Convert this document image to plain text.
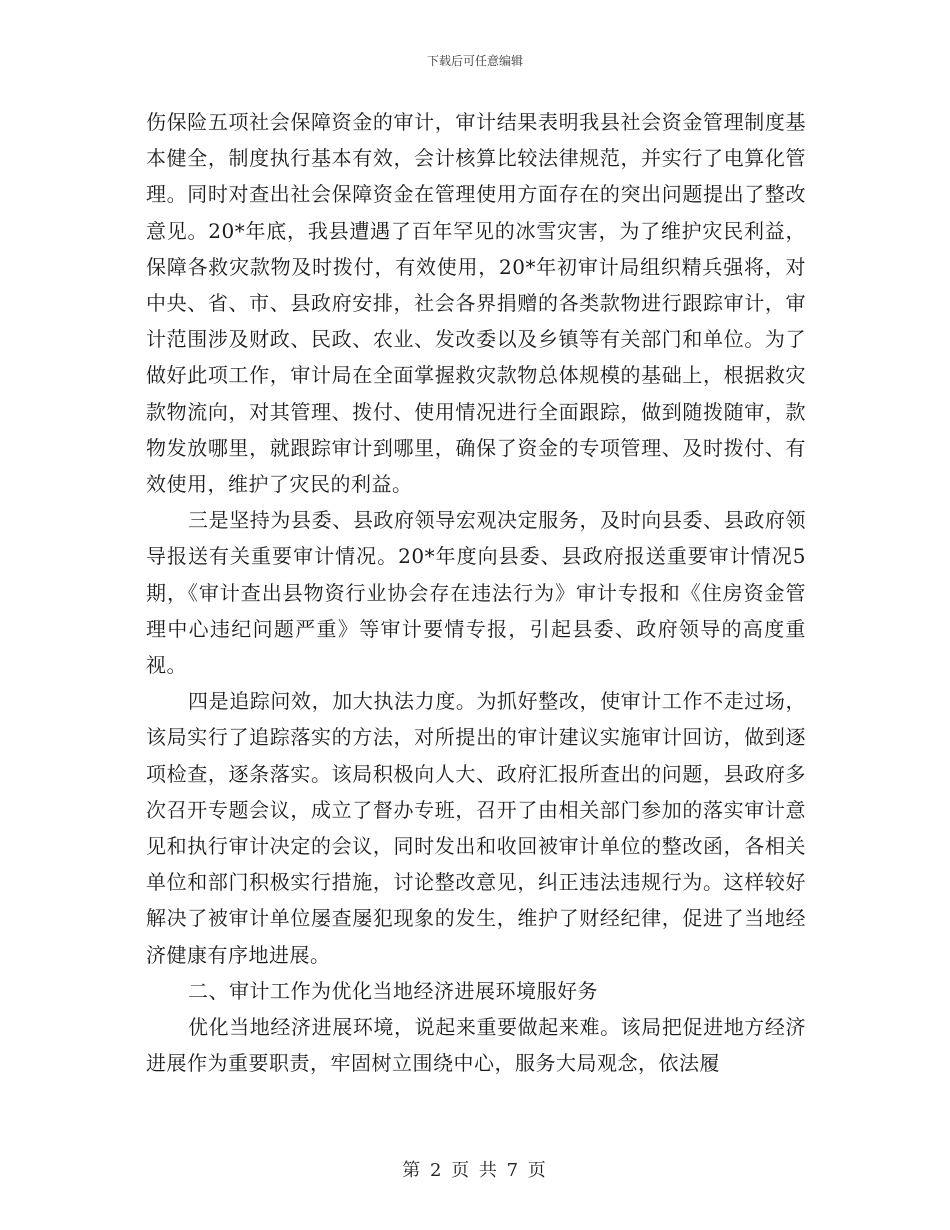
下载后可任意编辑

伤保险五项社会保障资金的审计，审计结果表明我县社会资金管理制度基本健全，制度执行基本有效，会计核算比较法律规范，并实行了电算化管理。同时对查出社会保障资金在管理使用方面存在的突出问题提出了整改意见。20*年底，我县遭遇了百年罕见的冰雪灾害，为了维护灾民利益，保障各救灾款物及时拨付，有效使用，20*年初审计局组织精兵强将，对中央、省、市、县政府安排，社会各界捐赠的各类款物进行跟踪审计，审计范围涉及财政、民政、农业、发改委以及乡镇等有关部门和单位。为了做好此项工作，审计局在全面掌握救灾款物总体规模的基础上，根据救灾款物流向，对其管理、拨付、使用情况进行全面跟踪，做到随拨随审，款物发放哪里，就跟踪审计到哪里，确保了资金的专项管理、及时拨付、有效使用，维护了灾民的利益。

三是坚持为县委、县政府领导宏观决定服务，及时向县委、县政府领导报送有关重要审计情况。20*年度向县委、县政府报送重要审计情况5期，《审计查出县物资行业协会存在违法行为》审计专报和《住房资金管理中心违纪问题严重》等审计要情专报，引起县委、政府领导的高度重视。

四是追踪问效，加大执法力度。为抓好整改，使审计工作不走过场，该局实行了追踪落实的方法，对所提出的审计建议实施审计回访，做到逐项检查，逐条落实。该局积极向人大、政府汇报所查出的问题，县政府多次召开专题会议，成立了督办专班，召开了由相关部门参加的落实审计意见和执行审计决定的会议，同时发出和收回被审计单位的整改函，各相关单位和部门积极实行措施，讨论整改意见，纠正违法违规行为。这样较好解决了被审计单位屡查屡犯现象的发生，维护了财经纪律，促进了当地经济健康有序地进展。

二、审计工作为优化当地经济进展环境服好务

优化当地经济进展环境，说起来重要做起来难。该局把促进地方经济进展作为重要职责，牢固树立围绕中心，服务大局观念，依法履

第 2 页 共 7 页
